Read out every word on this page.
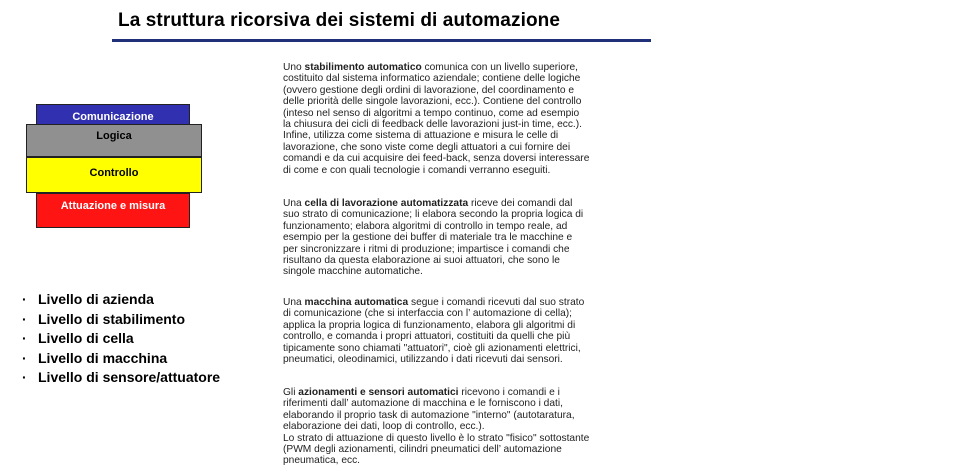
La struttura ricorsiva dei sistemi di automazione
Comunicazione
Logica
Controllo
Attuazione e misura
· Livello di azienda
· Livello di stabilimento
· Livello di cella
· Livello di macchina
· Livello di sensore/attuatore
Uno stabilimento automatico comunica con un livello superiore,
costituito dal sistema informatico aziendale; contiene delle logiche
(ovvero gestione degli ordini di lavorazione, del coordinamento e
delle priorità delle singole lavorazioni, ecc.). Contiene del controllo
(inteso nel senso di algoritmi a tempo continuo, come ad esempio
la chiusura dei cicli di feedback delle lavorazioni just-in time, ecc.).
Infine, utilizza come sistema di attuazione e misura le celle di
lavorazione, che sono viste come degli attuatori a cui fornire dei
comandi e da cui acquisire dei feed-back, senza doversi interessare
di come e con quali tecnologie i comandi verranno eseguiti.
Una cella di lavorazione automatizzata riceve dei comandi dal
suo strato di comunicazione; li elabora secondo la propria logica di
funzionamento; elabora algoritmi di controllo in tempo reale, ad
esempio per la gestione dei buffer di materiale tra le macchine e
per sincronizzare i ritmi di produzione; impartisce i comandi che
risultano da questa elaborazione ai suoi attuatori, che sono le
singole macchine automatiche.
Una macchina automatica segue i comandi ricevuti dal suo strato
di comunicazione (che si interfaccia con l’ automazione di cella);
applica la propria logica di funzionamento, elabora gli algoritmi di
controllo, e comanda i propri attuatori, costituiti da quelli che più
tipicamente sono chiamati "attuatori", cioè gli azionamenti elettrici,
pneumatici, oleodinamici, utilizzando i dati ricevuti dai sensori.
Gli azionamenti e sensori automatici ricevono i comandi e i
riferimenti dall’ automazione di macchina e le forniscono i dati,
elaborando il proprio task di automazione "interno" (autotaratura,
elaborazione dei dati, loop di controllo, ecc.).
Lo strato di attuazione di questo livello è lo strato "fisico" sottostante
(PWM degli azionamenti, cilindri pneumatici dell’ automazione
pneumatica, ecc.
